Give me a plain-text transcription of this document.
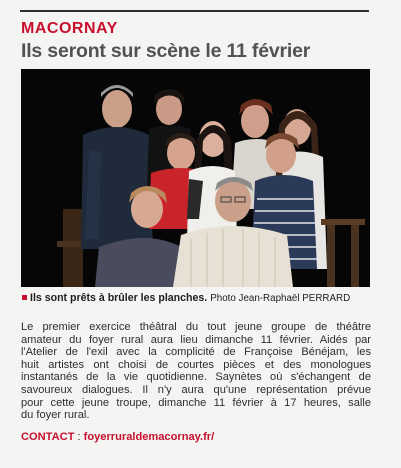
MACORNAY
Ils seront sur scène le 11 février
Ils sont prêts à brûler les planches. Photo Jean-Raphaël PERRARD
Le premier exercice théâtral du tout jeune groupe de théâtre
amateur du foyer rural aura lieu dimanche 11 février. Aidés par
l'Atelier de l'exil avec la complicité de Françoise Bénéjam, les
huit artistes ont choisi de courtes pièces et des monologues
instantanés de la vie quotidienne. Saynètes où s'échangent de
savoureux dialogues. Il n'y aura qu'une représentation prévue
pour cette jeune troupe, dimanche 11 février à 17 heures, salle
du foyer rural.
CONTACT : foyerruraldemacornay.fr/
